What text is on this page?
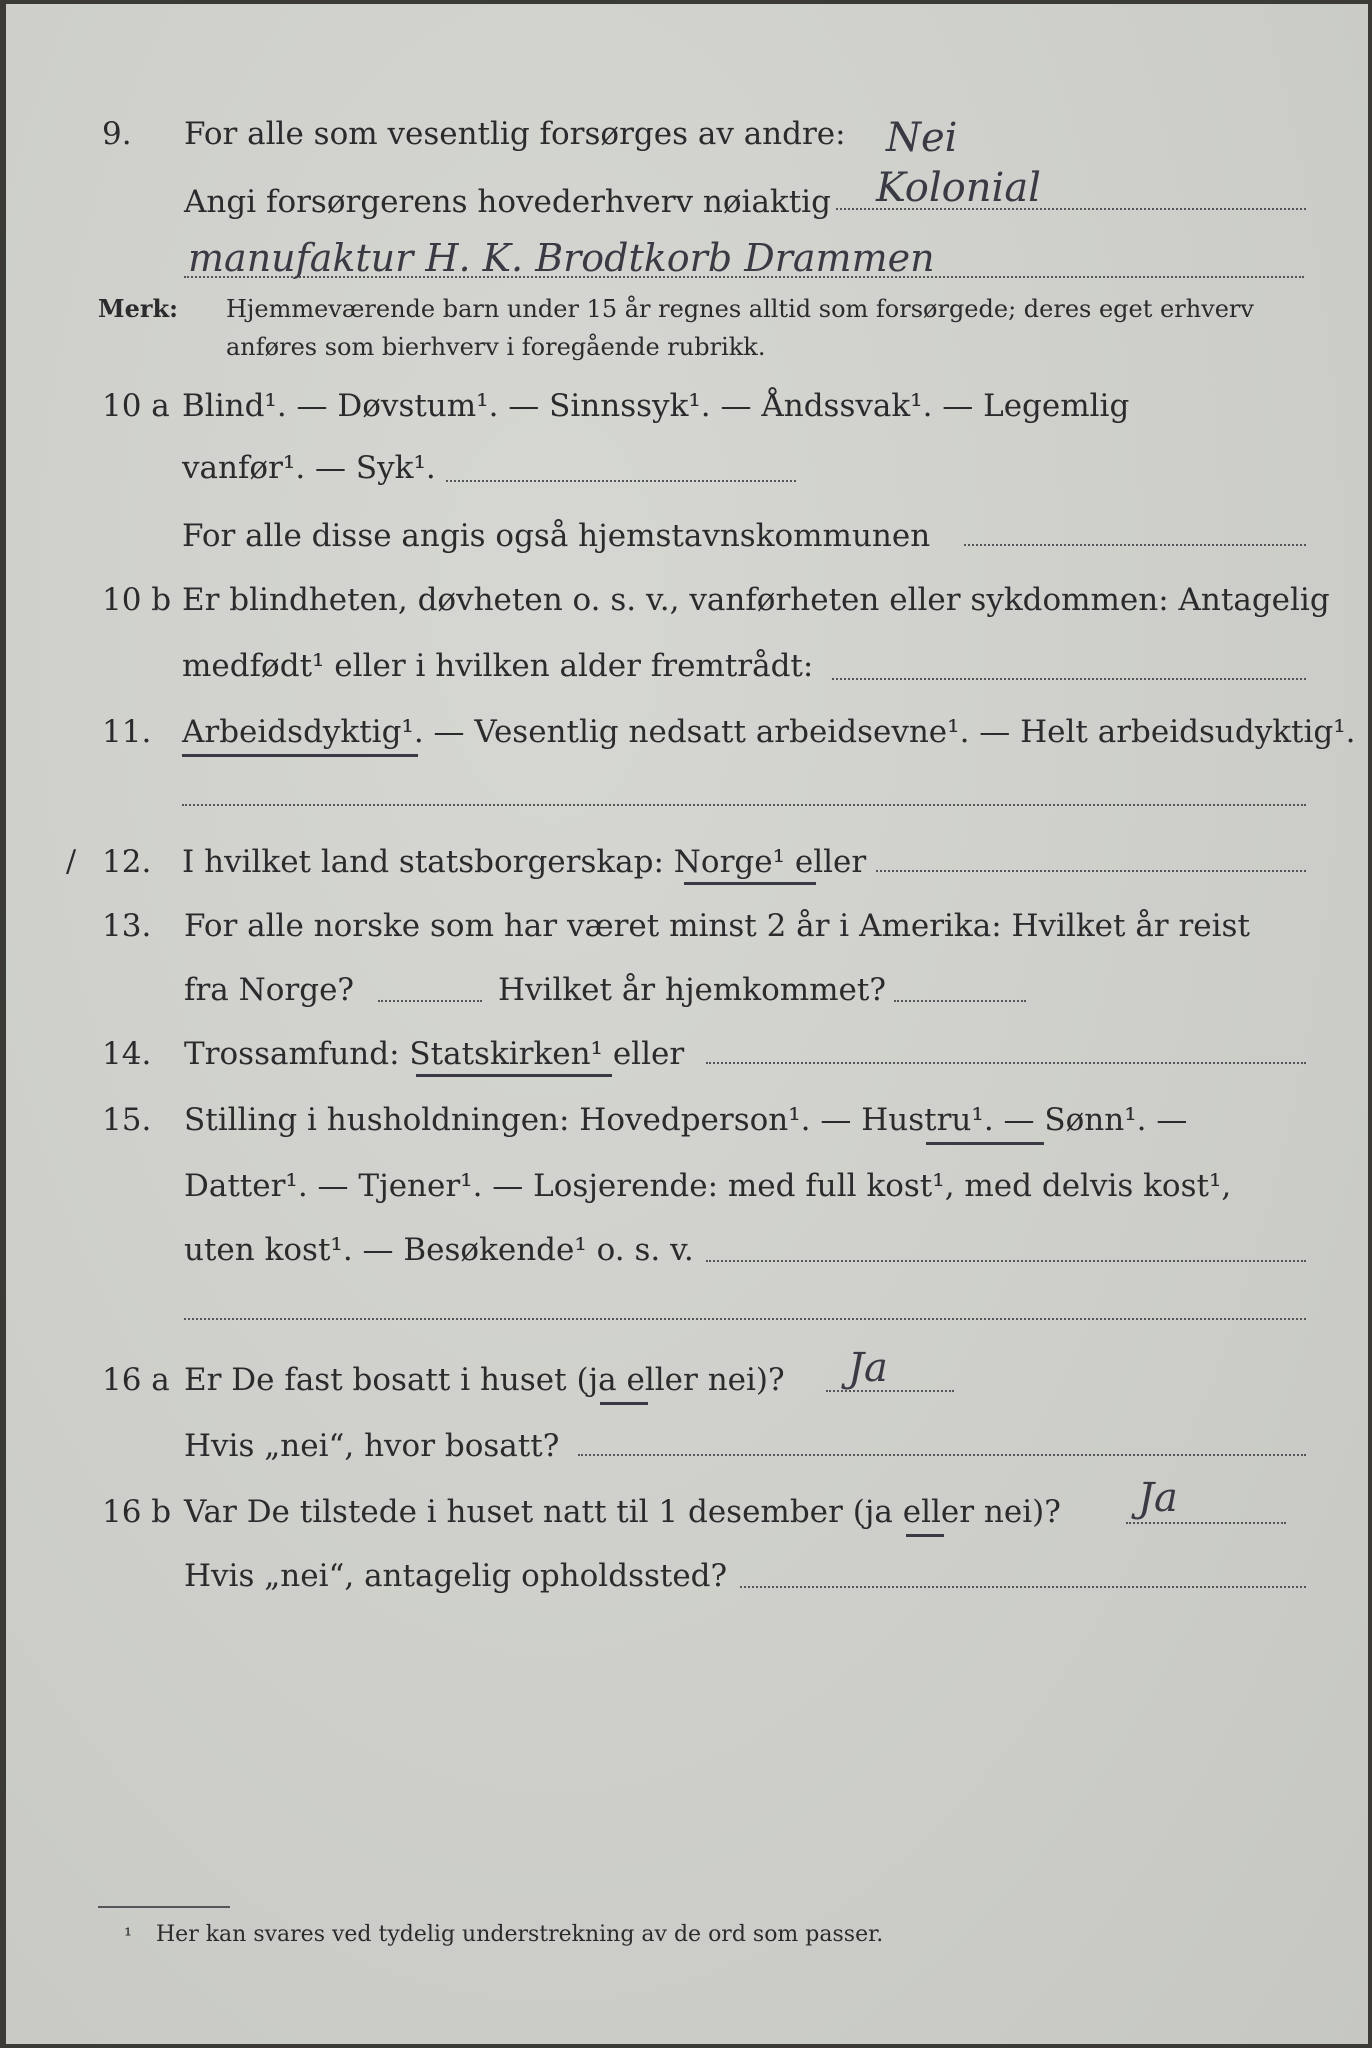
9. For alle som vesentlig forsørges av andre: Nei
Angi forsørgerens hovederhverv nøiaktig Kolonial
manufaktur H. K. Brodtkorb Drammen
Merk: Hjemmeværende barn under 15 år regnes alltid som forsørgede; deres eget erhverv
anføres som bierhverv i foregående rubrikk.
10 a Blind¹. — Døvstum¹. — Sinnssyk¹. — Åndssvak¹. — Legemlig
vanfør¹. — Syk¹.
For alle disse angis også hjemstavnskommunen
10 b Er blindheten, døvheten o. s. v., vanførheten eller sykdommen: Antagelig
medfødt¹ eller i hvilken alder fremtrådt:
11. Arbeidsdyktig¹. — Vesentlig nedsatt arbeidsevne¹. — Helt arbeidsudyktig¹.
/ 12. I hvilket land statsborgerskap: Norge¹ eller
13. For alle norske som har været minst 2 år i Amerika: Hvilket år reist
fra Norge?	Hvilket år hjemkommet?
14. Trossamfund: Statskirken¹ eller
15. Stilling i husholdningen: Hovedperson¹. — Hustru¹. — Sønn¹. —
Datter¹. — Tjener¹. — Losjerende: med full kost¹, med delvis kost¹,
uten kost¹. — Besøkende¹ o. s. v.
16 a Er De fast bosatt i huset (ja eller nei)? Ja
Hvis „nei“, hvor bosatt?
16 b Var De tilstede i huset natt til 1 desember (ja eller nei)? Ja
Hvis „nei“, antagelig opholdssted?
¹ Her kan svares ved tydelig understrekning av de ord som passer.
